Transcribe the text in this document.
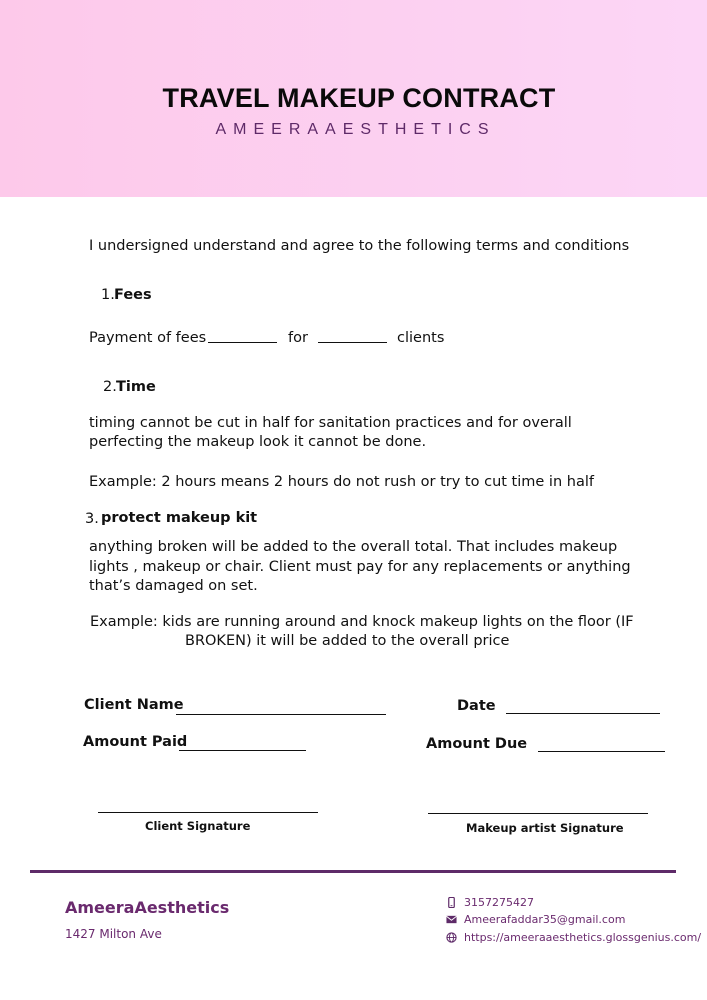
TRAVEL MAKEUP CONTRACT
AMEERAAESTHETICS
I undersigned understand and agree to the following terms and conditions
1. Fees
Payment of fees	for	clients
2. Time
timing cannot be cut in half for sanitation practices and for overall
perfecting the makeup look it cannot be done.
Example: 2 hours means 2 hours do not rush or try to cut time in half
3. protect makeup kit
anything broken will be added to the overall total. That includes makeup
lights , makeup or chair. Client must pay for any replacements or anything
that’s damaged on set.
Example: kids are running around and knock makeup lights on the floor (IF
BROKEN) it will be added to the overall price
Client Name	Date
Amount Paid	Amount Due
Client Signature	Makeup artist Signature
AmeeraAesthetics
1427 Milton Ave
3157275427
Ameerafaddar35@gmail.com
https://ameeraaesthetics.glossgenius.com/
